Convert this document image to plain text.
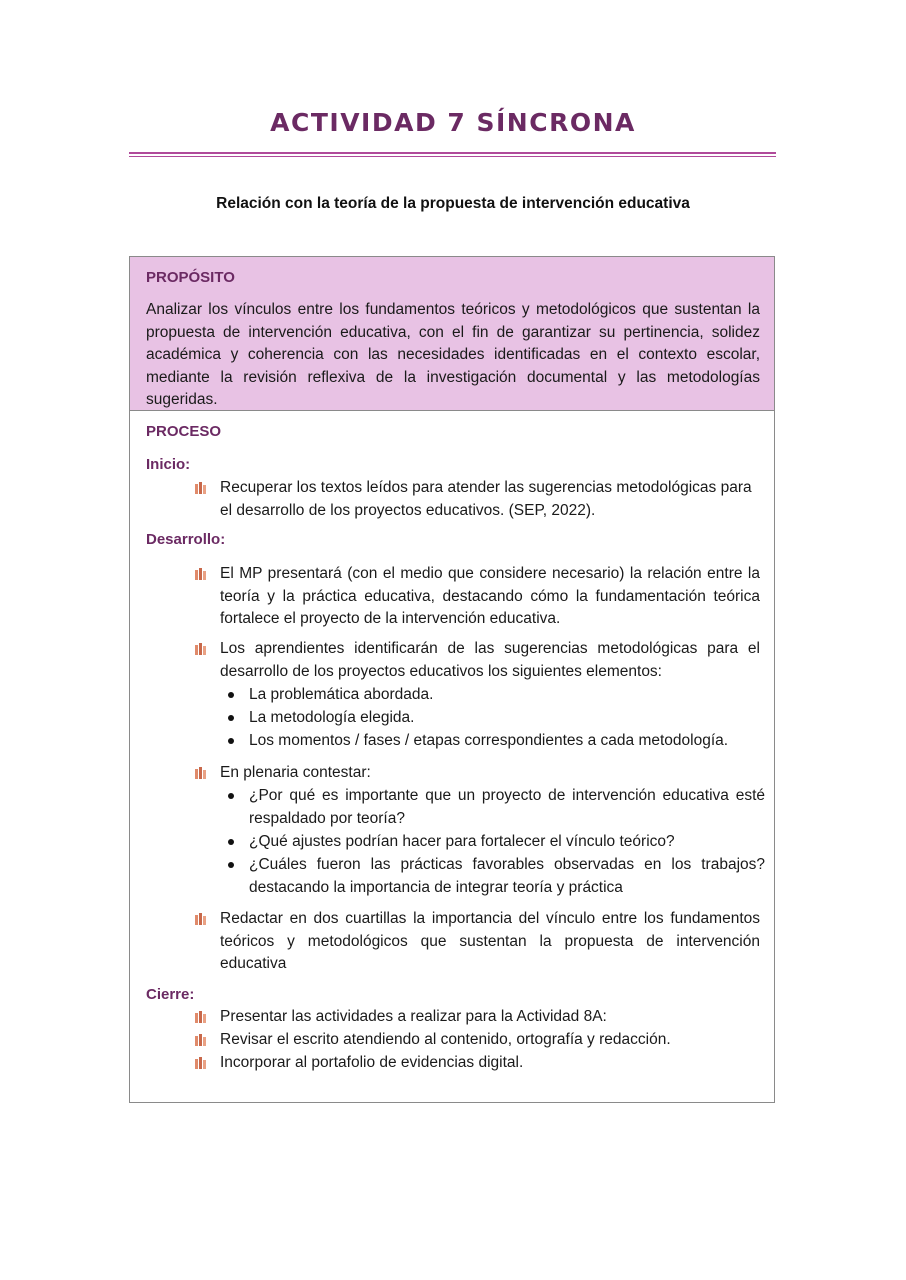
ACTIVIDAD 7 SÍNCRONA
Relación con la teoría de la propuesta de intervención educativa
PROPÓSITO
Analizar los vínculos entre los fundamentos teóricos y metodológicos que sustentan la propuesta de intervención educativa, con el fin de garantizar su pertinencia, solidez académica y coherencia con las necesidades identificadas en el contexto escolar, mediante la revisión reflexiva de la investigación documental y las metodologías sugeridas.
PROCESO
Inicio:
Recuperar los textos leídos para atender las sugerencias metodológicas para el desarrollo de los proyectos educativos. (SEP, 2022).
Desarrollo:
El MP presentará (con el medio que considere necesario) la relación entre la teoría y la práctica educativa, destacando cómo la fundamentación teórica fortalece el proyecto de la intervención educativa.
Los aprendientes identificarán de las sugerencias metodológicas para el desarrollo de los proyectos educativos los siguientes elementos:
La problemática abordada.
La metodología elegida.
Los momentos / fases / etapas correspondientes a cada metodología.
En plenaria contestar:
¿Por qué es importante que un proyecto de intervención educativa esté respaldado por teoría?
¿Qué ajustes podrían hacer para fortalecer el vínculo teórico?
¿Cuáles fueron las prácticas favorables observadas en los trabajos? destacando la importancia de integrar teoría y práctica
Redactar en dos cuartillas la importancia del vínculo entre los fundamentos teóricos y metodológicos que sustentan la propuesta de intervención educativa
Cierre:
Presentar las actividades a realizar para la Actividad 8A:
Revisar el escrito atendiendo al contenido, ortografía y redacción.
Incorporar al portafolio de evidencias digital.
